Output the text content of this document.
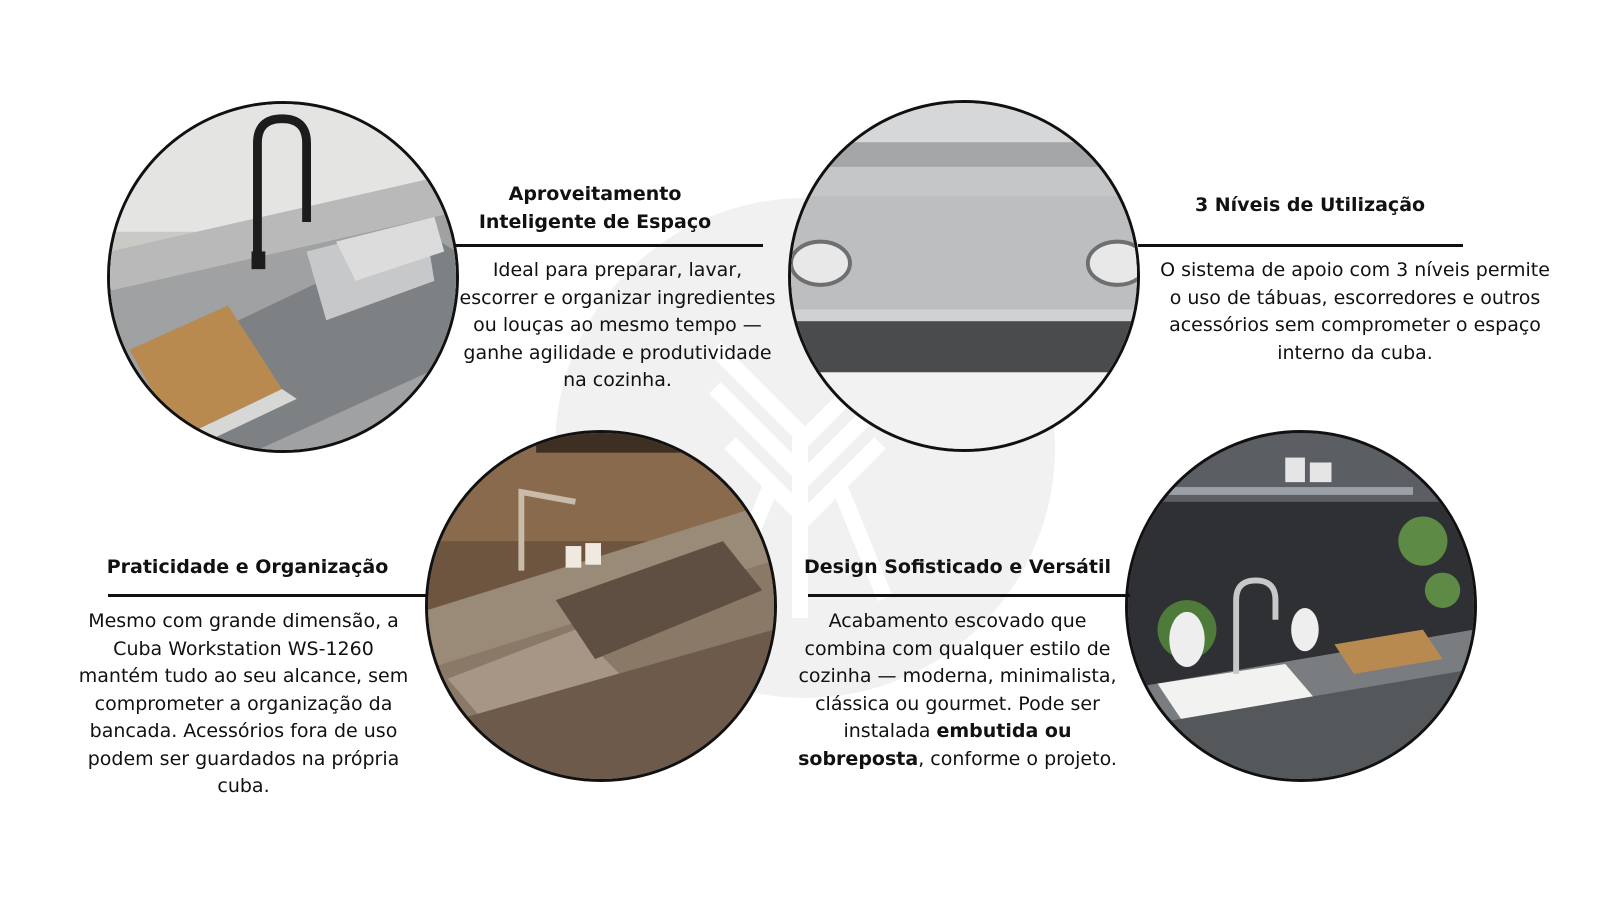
Aproveitamento
Inteligente de Espaço
Ideal para preparar, lavar, escorrer e organizar ingredientes ou louças ao mesmo tempo — ganhe agilidade e produtividade na cozinha.
3 Níveis de Utilização
O sistema de apoio com 3 níveis permite o uso de tábuas, escorredores e outros acessórios sem comprometer o espaço interno da cuba.
Praticidade e Organização
Mesmo com grande dimensão, a Cuba Workstation WS-1260 mantém tudo ao seu alcance, sem comprometer a organização da bancada. Acessórios fora de uso podem ser guardados na própria cuba.
Design Sofisticado e Versátil
Acabamento escovado que combina com qualquer estilo de cozinha — moderna, minimalista, clássica ou gourmet. Pode ser instalada embutida ou sobreposta, conforme o projeto.
